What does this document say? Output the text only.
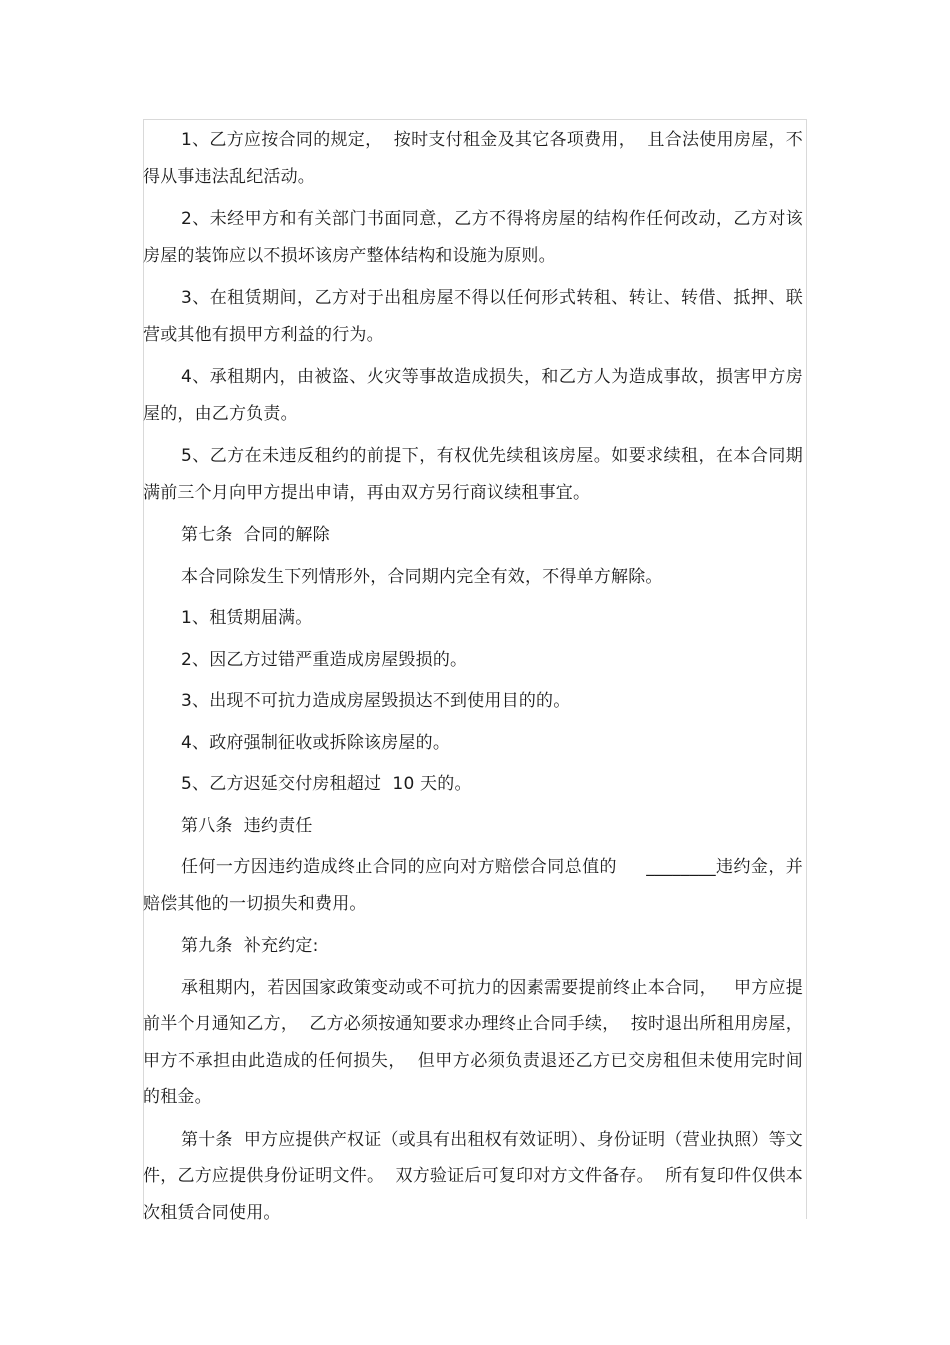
1、乙方应按合同的规定，  按时支付租金及其它各项费用，  且合法使用房屋，不得从事违法乱纪活动。

2、未经甲方和有关部门书面同意，乙方不得将房屋的结构作任何改动，乙方对该房屋的装饰应以不损坏该房产整体结构和设施为原则。

3、在租赁期间，乙方对于出租房屋不得以任何形式转租、转让、转借、抵押、联营或其他有损甲方利益的行为。

4、承租期内，由被盗、火灾等事故造成损失，和乙方人为造成事故，损害甲方房屋的，由乙方负责。

5、乙方在未违反租约的前提下，有权优先续租该房屋。如要求续租，在本合同期满前三个月向甲方提出申请，再由双方另行商议续租事宜。

第七条  合同的解除

本合同除发生下列情形外，合同期内完全有效，不得单方解除。

1、租赁期届满。

2、因乙方过错严重造成房屋毁损的。

3、出现不可抗力造成房屋毁损达不到使用目的的。

4、政府强制征收或拆除该房屋的。

5、乙方迟延交付房租超过  10 天的。

第八条  违约责任

任何一方因违约造成终止合同的应向对方赔偿合同总值的     ________违约金，并赔偿其他的一切损失和费用。

第九条  补充约定:

承租期内，若因国家政策变动或不可抗力的因素需要提前终止本合同，   甲方应提前半个月通知乙方，  乙方必须按通知要求办理终止合同手续，  按时退出所租用房屋，甲方不承担由此造成的任何损失，  但甲方必须负责退还乙方已交房租但未使用完时间的租金。

第十条  甲方应提供产权证（或具有出租权有效证明）、身份证明（营业执照）等文件，乙方应提供身份证明文件。  双方验证后可复印对方文件备存。  所有复印件仅供本次租赁合同使用。
